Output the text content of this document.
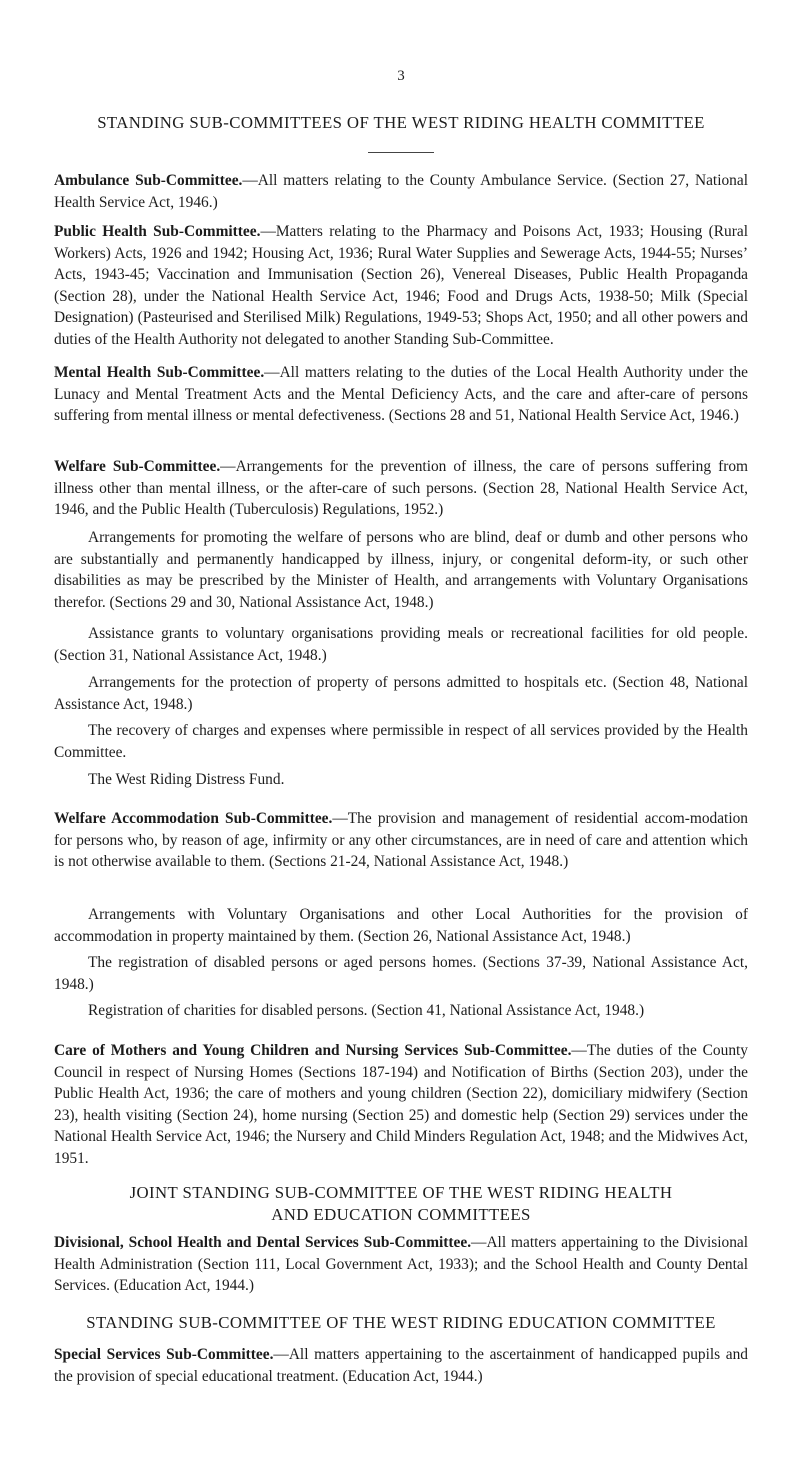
3
STANDING SUB-COMMITTEES OF THE WEST RIDING HEALTH COMMITTEE

Ambulance Sub-Committee.—All matters relating to the County Ambulance Service. (Section 27, National Health Service Act, 1946.)

Public Health Sub-Committee.—Matters relating to the Pharmacy and Poisons Act, 1933; Housing (Rural Workers) Acts, 1926 and 1942; Housing Act, 1936; Rural Water Supplies and Sewerage Acts, 1944-55; Nurses’ Acts, 1943-45; Vaccination and Immunisation (Section 26), Venereal Diseases, Public Health Propaganda (Section 28), under the National Health Service Act, 1946; Food and Drugs Acts, 1938-50; Milk (Special Designation) (Pasteurised and Sterilised Milk) Regulations, 1949-53; Shops Act, 1950; and all other powers and duties of the Health Authority not delegated to another Standing Sub-Committee.

Mental Health Sub-Committee.—All matters relating to the duties of the Local Health Authority under the Lunacy and Mental Treatment Acts and the Mental Deficiency Acts, and the care and after-care of persons suffering from mental illness or mental defectiveness. (Sections 28 and 51, National Health Service Act, 1946.)

Welfare Sub-Committee.—Arrangements for the prevention of illness, the care of persons suffering from illness other than mental illness, or the after-care of such persons. (Section 28, National Health Service Act, 1946, and the Public Health (Tuberculosis) Regulations, 1952.)

Arrangements for promoting the welfare of persons who are blind, deaf or dumb and other persons who are substantially and permanently handicapped by illness, injury, or congenital deform-ity, or such other disabilities as may be prescribed by the Minister of Health, and arrangements with Voluntary Organisations therefor. (Sections 29 and 30, National Assistance Act, 1948.)

Assistance grants to voluntary organisations providing meals or recreational facilities for old people. (Section 31, National Assistance Act, 1948.)

Arrangements for the protection of property of persons admitted to hospitals etc. (Section 48, National Assistance Act, 1948.)

The recovery of charges and expenses where permissible in respect of all services provided by the Health Committee.

The West Riding Distress Fund.

Welfare Accommodation Sub-Committee.—The provision and management of residential accom-modation for persons who, by reason of age, infirmity or any other circumstances, are in need of care and attention which is not otherwise available to them. (Sections 21-24, National Assistance Act, 1948.)

Arrangements with Voluntary Organisations and other Local Authorities for the provision of accommodation in property maintained by them. (Section 26, National Assistance Act, 1948.)

The registration of disabled persons or aged persons homes. (Sections 37-39, National Assistance Act, 1948.)

Registration of charities for disabled persons. (Section 41, National Assistance Act, 1948.)

Care of Mothers and Young Children and Nursing Services Sub-Committee.—The duties of the County Council in respect of Nursing Homes (Sections 187-194) and Notification of Births (Section 203), under the Public Health Act, 1936; the care of mothers and young children (Section 22), domiciliary midwifery (Section 23), health visiting (Section 24), home nursing (Section 25) and domestic help (Section 29) services under the National Health Service Act, 1946; the Nursery and Child Minders Regulation Act, 1948; and the Midwives Act, 1951.

JOINT STANDING SUB-COMMITTEE OF THE WEST RIDING HEALTH AND EDUCATION COMMITTEES

Divisional, School Health and Dental Services Sub-Committee.—All matters appertaining to the Divisional Health Administration (Section 111, Local Government Act, 1933); and the School Health and County Dental Services. (Education Act, 1944.)

STANDING SUB-COMMITTEE OF THE WEST RIDING EDUCATION COMMITTEE

Special Services Sub-Committee.—All matters appertaining to the ascertainment of handicapped pupils and the provision of special educational treatment. (Education Act, 1944.)
